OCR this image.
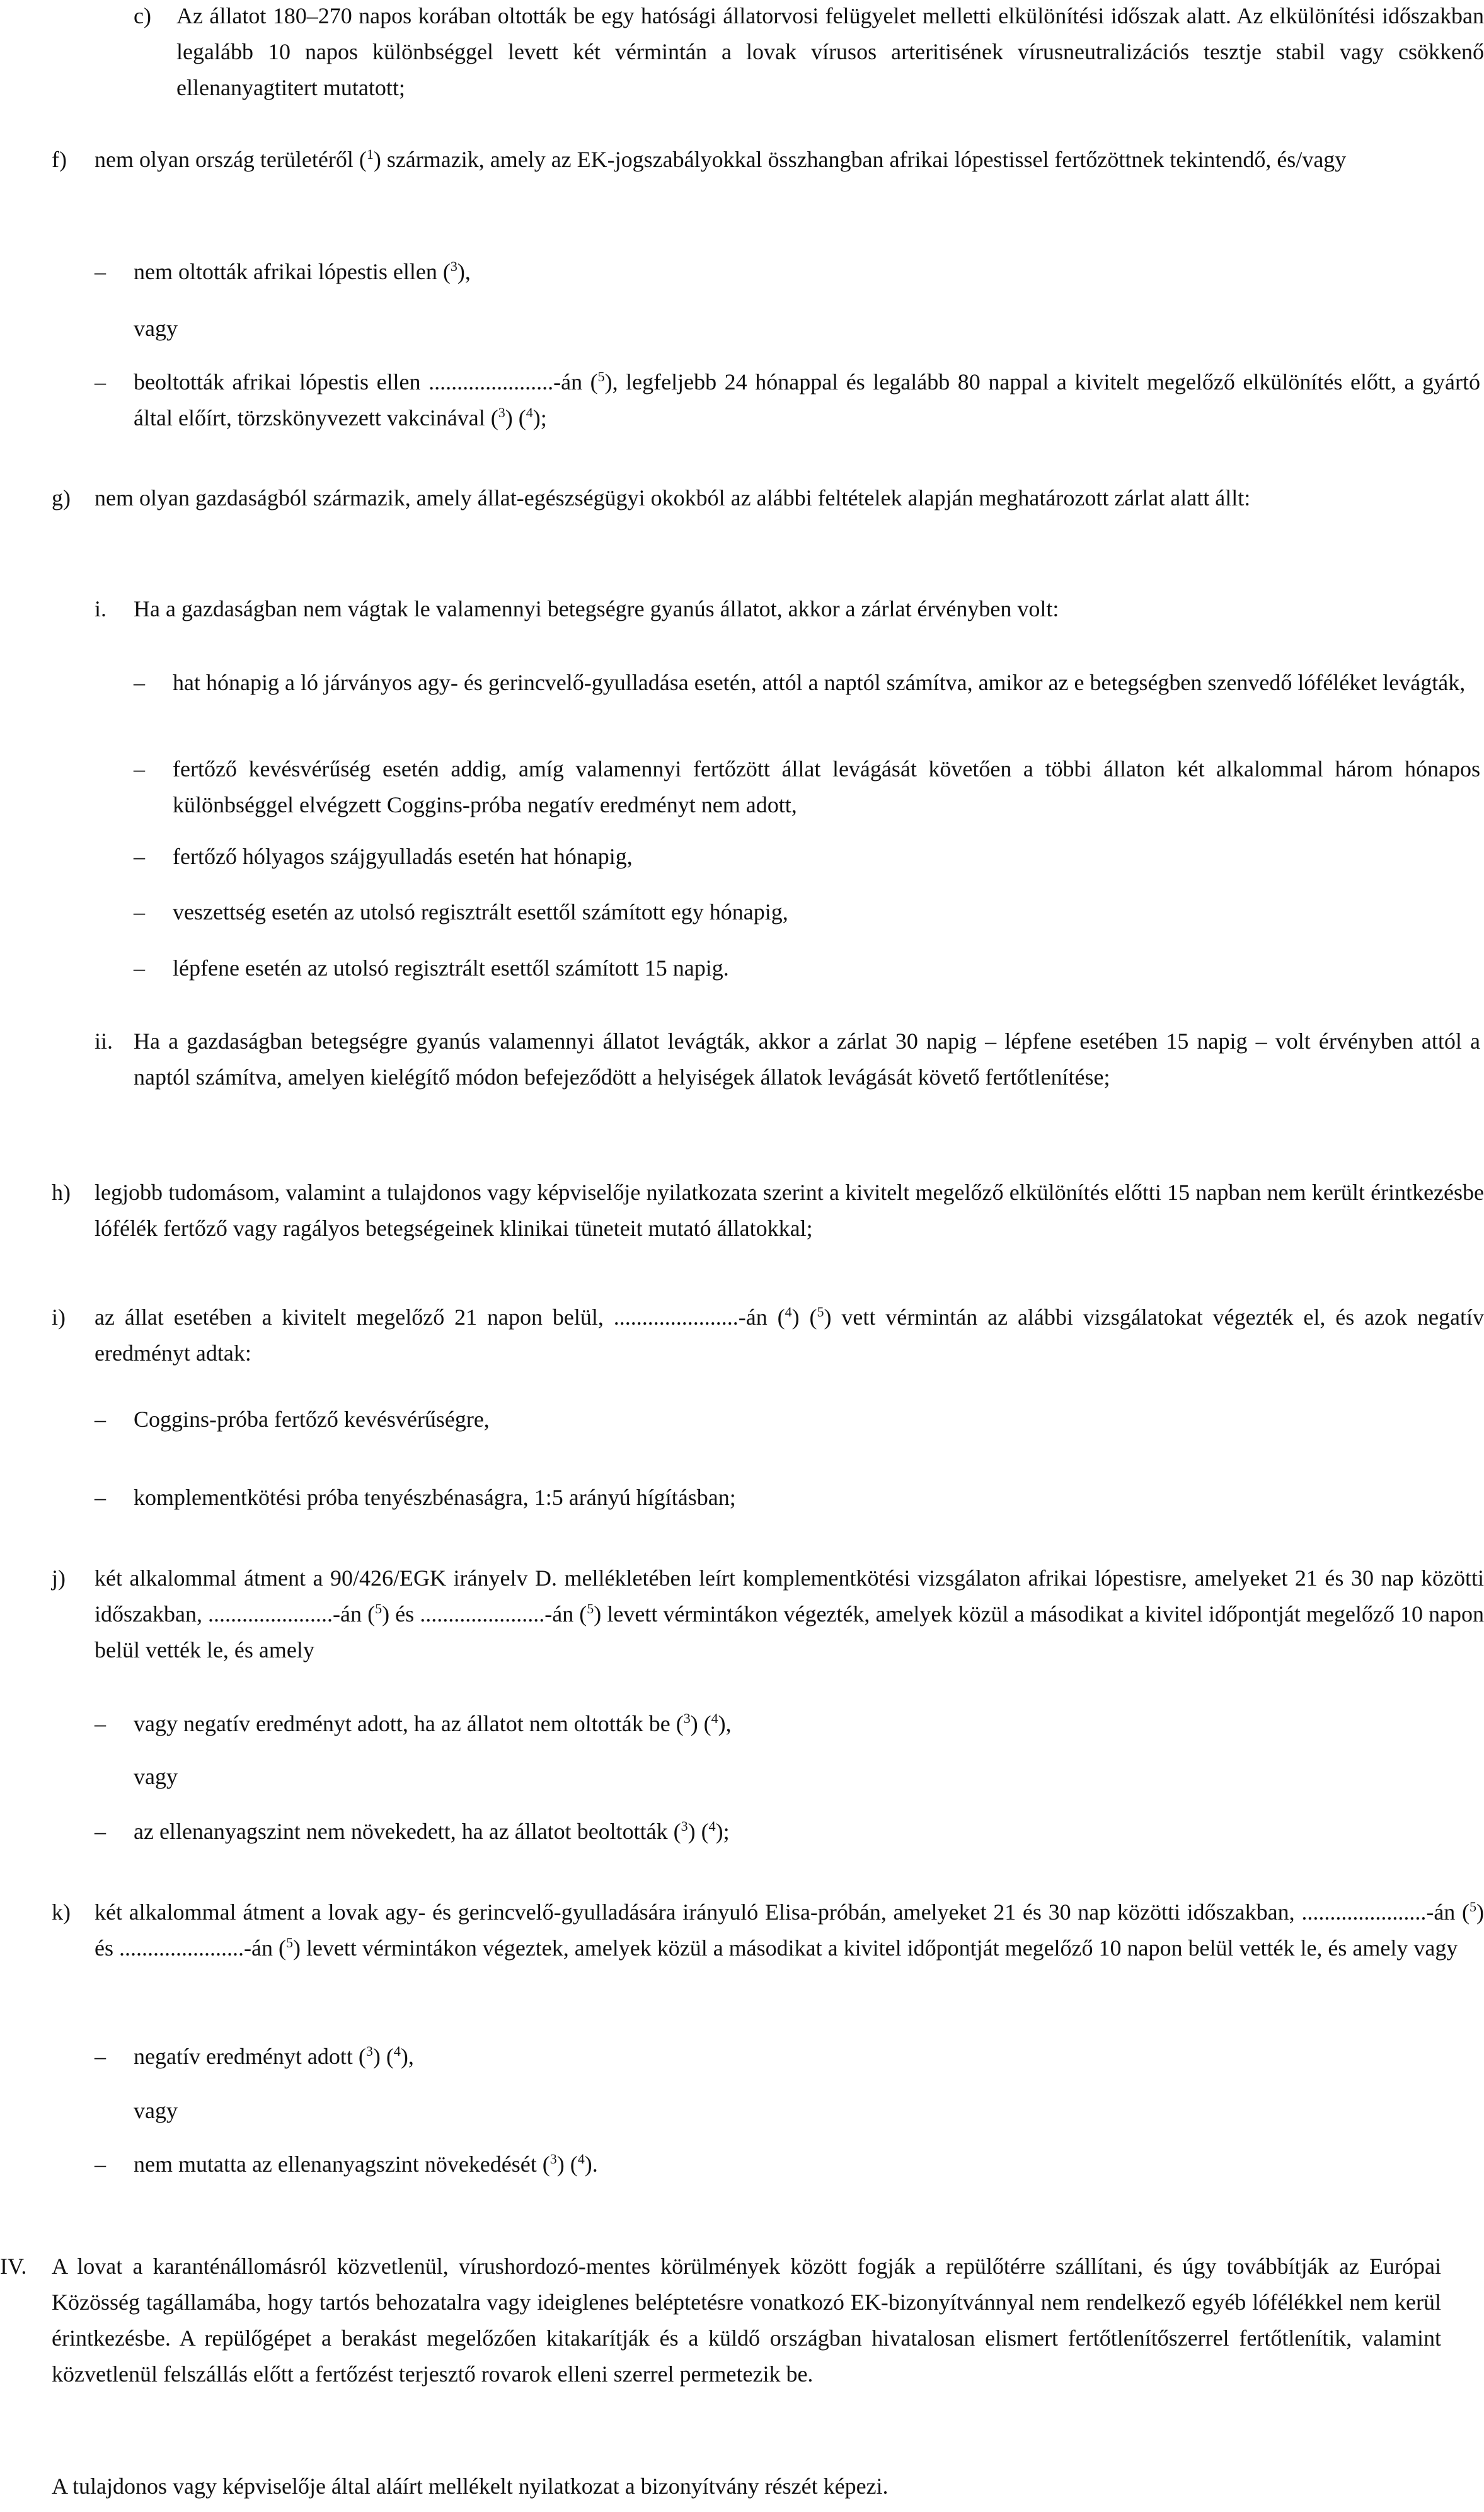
c) Az állatot 180–270 napos korában oltották be egy hatósági állatorvosi felügyelet melletti elkülönítési időszak alatt. Az elkülönítési időszakban legalább 10 napos különbséggel levett két vérmintán a lovak vírusos arteritisének vírusneutralizációs tesztje stabil vagy csökkenő ellenanyagtitert mutatott;
f) nem olyan ország területéről ($^1$) származik, amely az EK-jogszabályokkal összhangban afrikai lópestissel fertőzöttnek tekintendő, és/vagy
– nem oltották afrikai lópestis ellen ($^3$),
vagy
– beoltották afrikai lópestis ellen ......................-án ($^5$), legfeljebb 24 hónappal és legalább 80 nappal a kivitelt megelőző elkülönítés előtt, a gyártó által előírt, törzskönyvezett vakcinával ($^3$) ($^4$);
g) nem olyan gazdaságból származik, amely állat-egészségügyi okokból az alábbi feltételek alapján meghatározott zárlat alatt állt:
i. Ha a gazdaságban nem vágtak le valamennyi betegségre gyanús állatot, akkor a zárlat érvényben volt:
– hat hónapig a ló járványos agy- és gerincvelő-gyulladása esetén, attól a naptól számítva, amikor az e betegségben szenvedő lóféléket levágták,
– fertőző kevésvérűség esetén addig, amíg valamennyi fertőzött állat levágását követően a többi állaton két alkalommal három hónapos különbséggel elvégzett Coggins-próba negatív eredményt nem adott,
– fertőző hólyagos szájgyulladás esetén hat hónapig,
– veszettség esetén az utolsó regisztrált esettől számított egy hónapig,
– lépfene esetén az utolsó regisztrált esettől számított 15 napig.
ii. Ha a gazdaságban betegségre gyanús valamennyi állatot levágták, akkor a zárlat 30 napig – lépfene esetében 15 napig – volt érvényben attól a naptól számítva, amelyen kielégítő módon befejeződött a helyiségek állatok levágását követő fertőtlenítése;
h) legjobb tudomásom, valamint a tulajdonos vagy képviselője nyilatkozata szerint a kivitelt megelőző elkülönítés előtti 15 napban nem került érintkezésbe lófélék fertőző vagy ragályos betegségeinek klinikai tüneteit mutató állatokkal;
i) az állat esetében a kivitelt megelőző 21 napon belül, ......................-án ($^4$) ($^5$) vett vérmintán az alábbi vizsgálatokat végezték el, és azok negatív eredményt adtak:
– Coggins-próba fertőző kevésvérűségre,
– komplementkötési próba tenyészbénaságra, 1:5 arányú hígításban;
j) két alkalommal átment a 90/426/EGK irányelv D. mellékletében leírt komplementkötési vizsgálaton afrikai lópestisre, amelyeket 21 és 30 nap közötti időszakban, ......................-án ($^5$) és ......................-án ($^5$) levett vérmintákon végezték, amelyek közül a másodikat a kivitel időpontját megelőző 10 napon belül vették le, és amely
– vagy negatív eredményt adott, ha az állatot nem oltották be ($^3$) ($^4$),
vagy
– az ellenanyagszint nem növekedett, ha az állatot beoltották ($^3$) ($^4$);
k) két alkalommal átment a lovak agy- és gerincvelő-gyulladására irányuló Elisa-próbán, amelyeket 21 és 30 nap közötti időszakban, ......................-án ($^5$) és ......................-án ($^5$) levett vérmintákon végeztek, amelyek közül a másodikat a kivitel időpontját megelőző 10 napon belül vették le, és amely vagy
– negatív eredményt adott ($^3$) ($^4$),
vagy
– nem mutatta az ellenanyagszint növekedését ($^3$) ($^4$).
IV. A lovat a karanténállomásról közvetlenül, vírushordozó-mentes körülmények között fogják a repülőtérre szállítani, és úgy továbbítják az Európai Közösség tagállamába, hogy tartós behozatalra vagy ideiglenes beléptetésre vonatkozó EK-bizonyítvánnyal nem rendelkező egyéb lófélékkel nem kerül érintkezésbe. A repülőgépet a berakást megelőzően kitakarítják és a küldő országban hivatalosan elismert fertőtlenítőszerrel fertőtlenítik, valamint közvetlenül felszállás előtt a fertőzést terjesztő rovarok elleni szerrel permetezik be.
A tulajdonos vagy képviselője által aláírt mellékelt nyilatkozat a bizonyítvány részét képezi.
